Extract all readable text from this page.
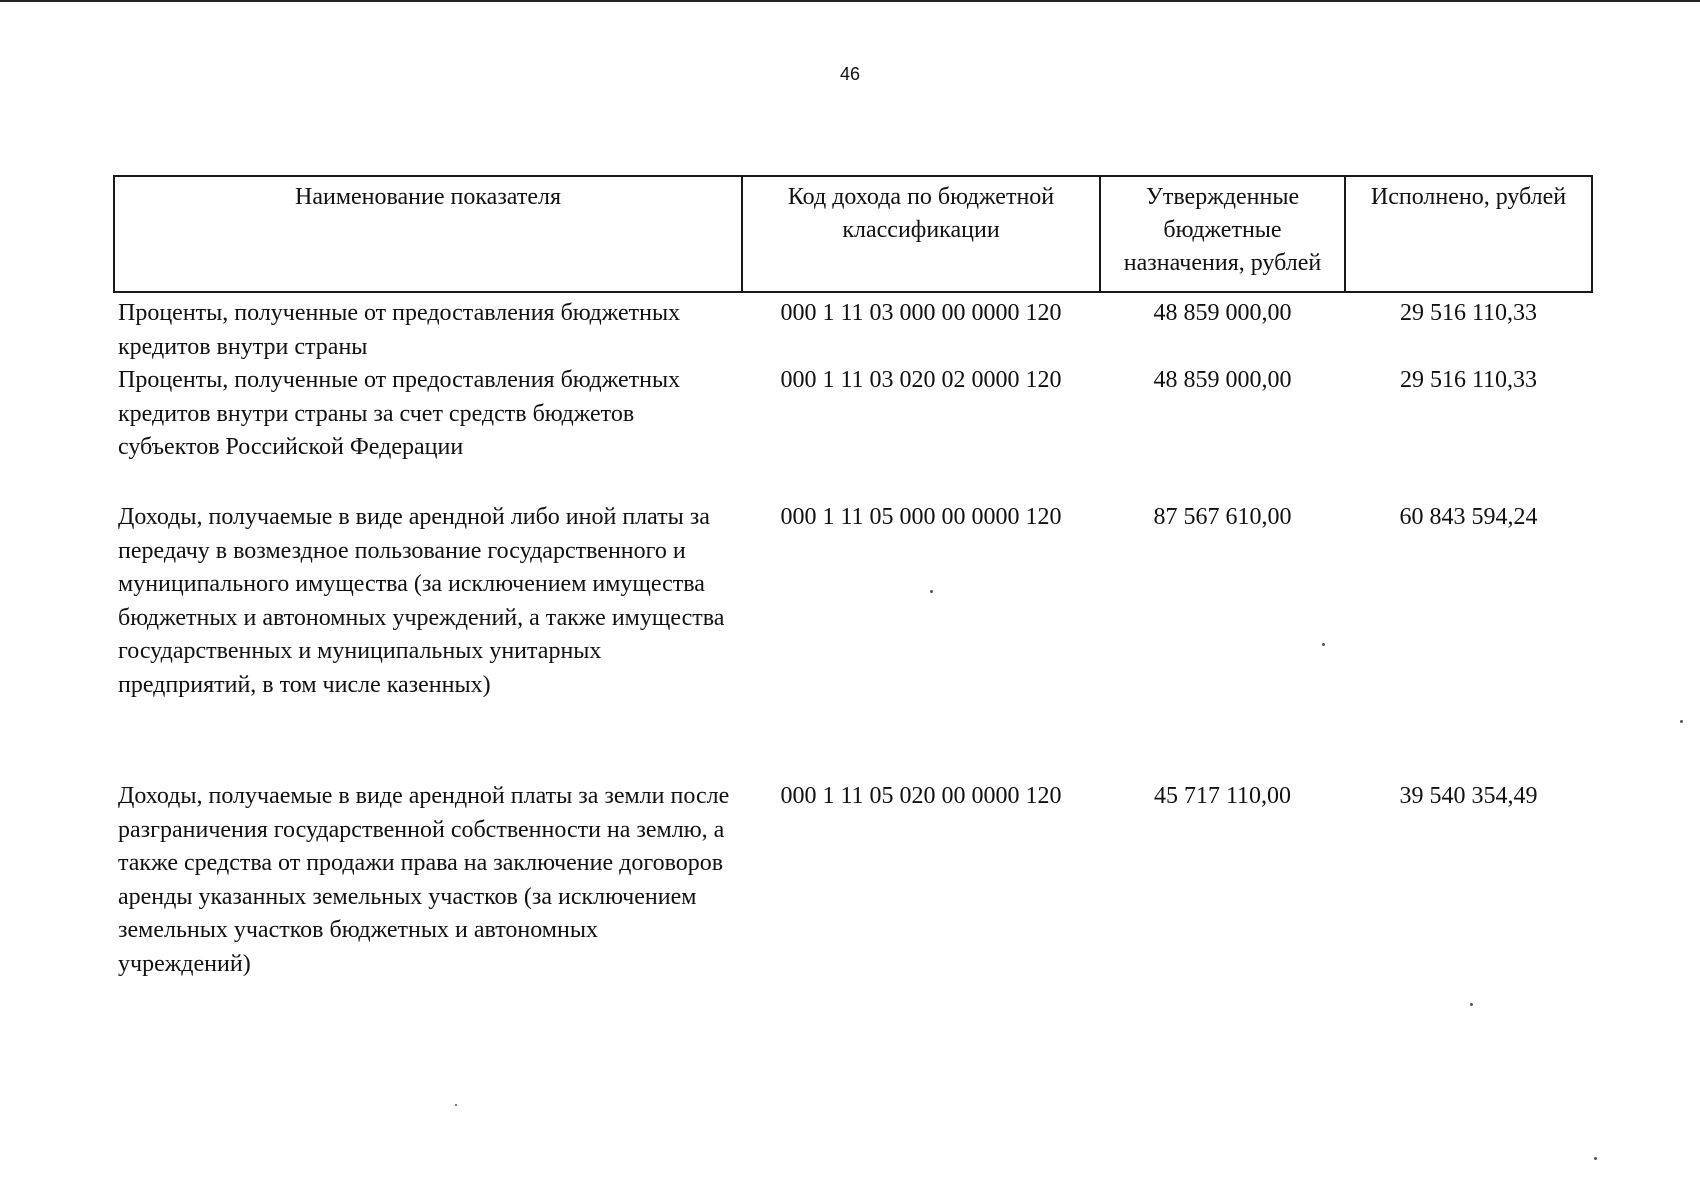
46
Наименование показателя	Код дохода по бюджетной классификации	Утвержденные бюджетные назначения, рублей	Исполнено, рублей
Проценты, полученные от предоставления бюджетных кредитов внутри страны	000 1 11 03 000 00 0000 120	48 859 000,00	29 516 110,33
Проценты, полученные от предоставления бюджетных кредитов внутри страны за счет средств бюджетов субъектов Российской Федерации	000 1 11 03 020 02 0000 120	48 859 000,00	29 516 110,33
Доходы, получаемые в виде арендной либо иной платы за передачу в возмездное пользование государственного и муниципального имущества (за исключением имущества бюджетных и автономных учреждений, а также имущества государственных и муниципальных унитарных предприятий, в том числе казенных)	000 1 11 05 000 00 0000 120	87 567 610,00	60 843 594,24
Доходы, получаемые в виде арендной платы за земли после разграничения государственной собственности на землю, а также средства от продажи права на заключение договоров аренды указанных земельных участков (за исключением земельных участков бюджетных и автономных учреждений)	000 1 11 05 020 00 0000 120	45 717 110,00	39 540 354,49
